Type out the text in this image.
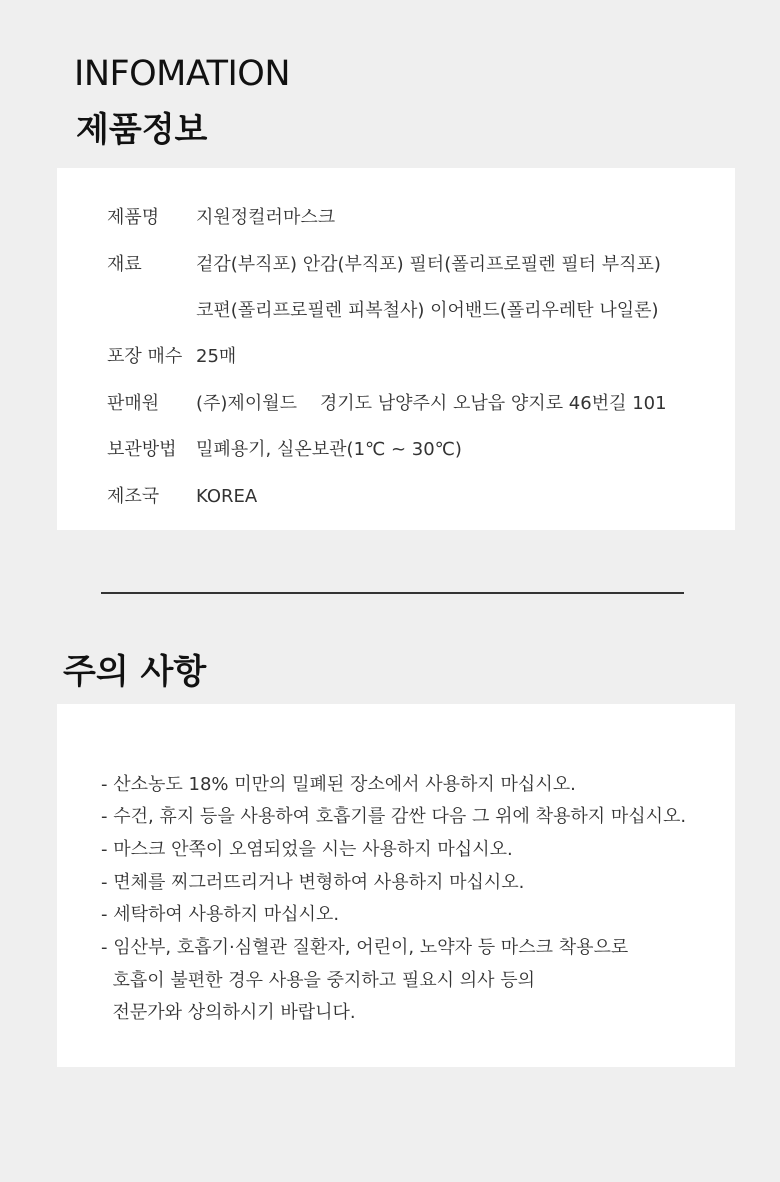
INFOMATION
제품정보
제품명 지원정컬러마스크
재료	겉감(부직포) 안감(부직포) 필터(폴리프로필렌 필터 부직포)
코편(폴리프로필렌 피복철사) 이어밴드(폴리우레탄 나일론)
포장 매수 25매
판매원 (주)제이월드    경기도 남양주시 오남읍 양지로 46번길 101
보관방법 밀폐용기, 실온보관(1℃ ~ 30℃)
제조국 KOREA
주의 사항
- 산소농도 18% 미만의 밀폐된 장소에서 사용하지 마십시오.
- 수건, 휴지 등을 사용하여 호흡기를 감싼 다음 그 위에 착용하지 마십시오.
- 마스크 안쪽이 오염되었을 시는 사용하지 마십시오.
- 면체를 찌그러뜨리거나 변형하여 사용하지 마십시오.
- 세탁하여 사용하지 마십시오.
- 임산부, 호흡기·심혈관 질환자, 어린이, 노약자 등 마스크 착용으로
호흡이 불편한 경우 사용을 중지하고 필요시 의사 등의
전문가와 상의하시기 바랍니다.
